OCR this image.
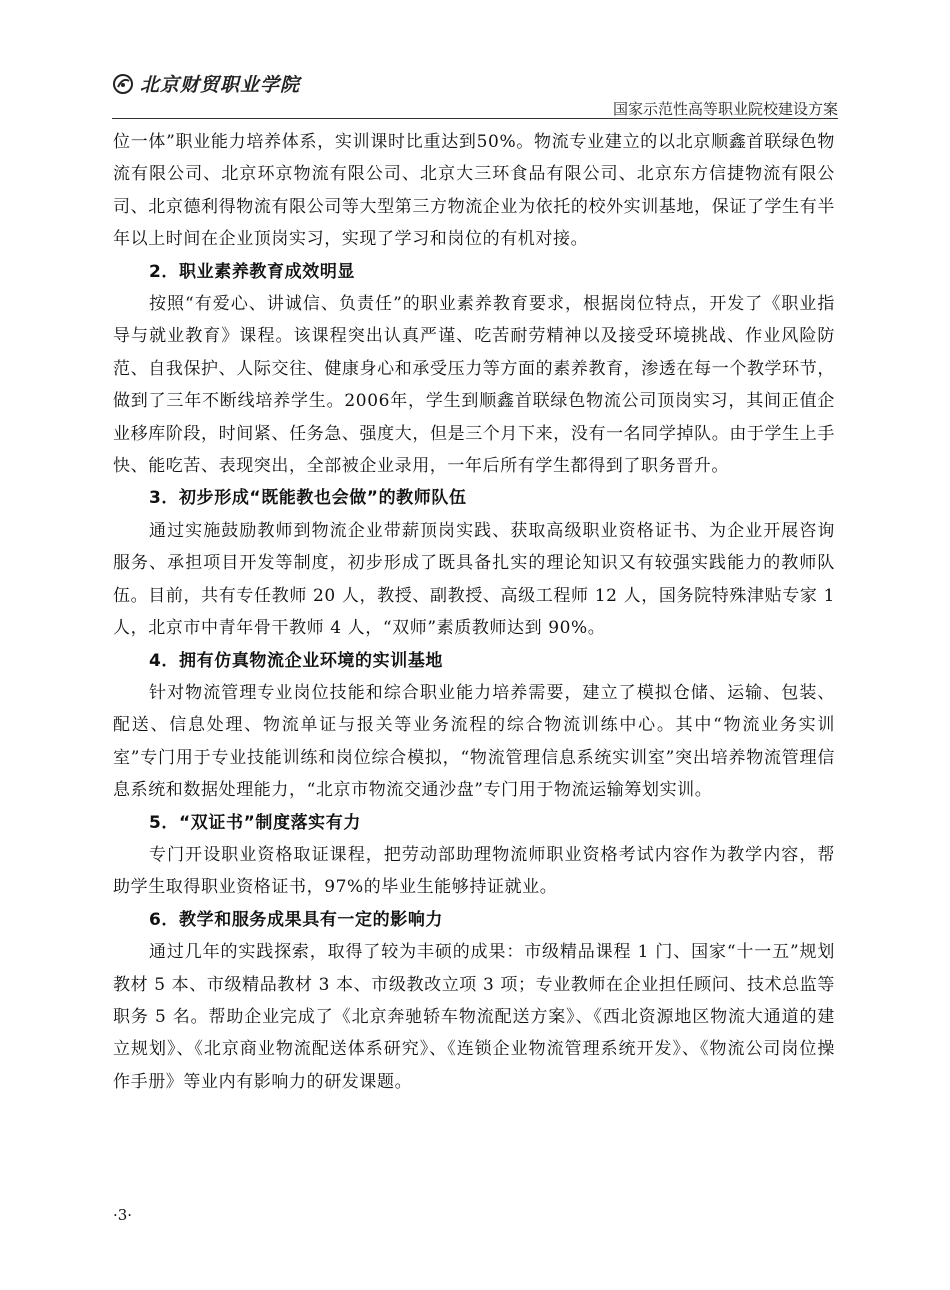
北京财贸职业学院
国家示范性高等职业院校建设方案

位一体”职业能力培养体系，实训课时比重达到50%。物流专业建立的以北京顺鑫首联绿色物流有限公司、北京环京物流有限公司、北京大三环食品有限公司、北京东方信捷物流有限公司、北京德利得物流有限公司等大型第三方物流企业为依托的校外实训基地，保证了学生有半年以上时间在企业顶岗实习，实现了学习和岗位的有机对接。

2．职业素养教育成效明显

按照“有爱心、讲诚信、负责任”的职业素养教育要求，根据岗位特点，开发了《职业指导与就业教育》课程。该课程突出认真严谨、吃苦耐劳精神以及接受环境挑战、作业风险防范、自我保护、人际交往、健康身心和承受压力等方面的素养教育，渗透在每一个教学环节，做到了三年不断线培养学生。2006年，学生到顺鑫首联绿色物流公司顶岗实习，其间正值企业移库阶段，时间紧、任务急、强度大，但是三个月下来，没有一名同学掉队。由于学生上手快、能吃苦、表现突出，全部被企业录用，一年后所有学生都得到了职务晋升。

3．初步形成“既能教也会做”的教师队伍

通过实施鼓励教师到物流企业带薪顶岗实践、获取高级职业资格证书、为企业开展咨询服务、承担项目开发等制度，初步形成了既具备扎实的理论知识又有较强实践能力的教师队伍。目前，共有专任教师 20 人，教授、副教授、高级工程师 12 人，国务院特殊津贴专家 1 人，北京市中青年骨干教师 4 人，“双师”素质教师达到 90%。

4．拥有仿真物流企业环境的实训基地

针对物流管理专业岗位技能和综合职业能力培养需要，建立了模拟仓储、运输、包装、配送、信息处理、物流单证与报关等业务流程的综合物流训练中心。其中“物流业务实训室”专门用于专业技能训练和岗位综合模拟，“物流管理信息系统实训室”突出培养物流管理信息系统和数据处理能力，“北京市物流交通沙盘”专门用于物流运输筹划实训。

5．“双证书”制度落实有力

专门开设职业资格取证课程，把劳动部助理物流师职业资格考试内容作为教学内容，帮助学生取得职业资格证书，97%的毕业生能够持证就业。

6．教学和服务成果具有一定的影响力

通过几年的实践探索，取得了较为丰硕的成果：市级精品课程 1 门、国家“十一五”规划教材 5 本、市级精品教材 3 本、市级教改立项 3 项；专业教师在企业担任顾问、技术总监等职务 5 名。帮助企业完成了《北京奔驰轿车物流配送方案》、《西北资源地区物流大通道的建立规划》、《北京商业物流配送体系研究》、《连锁企业物流管理系统开发》、《物流公司岗位操作手册》等业内有影响力的研发课题。

·3·
